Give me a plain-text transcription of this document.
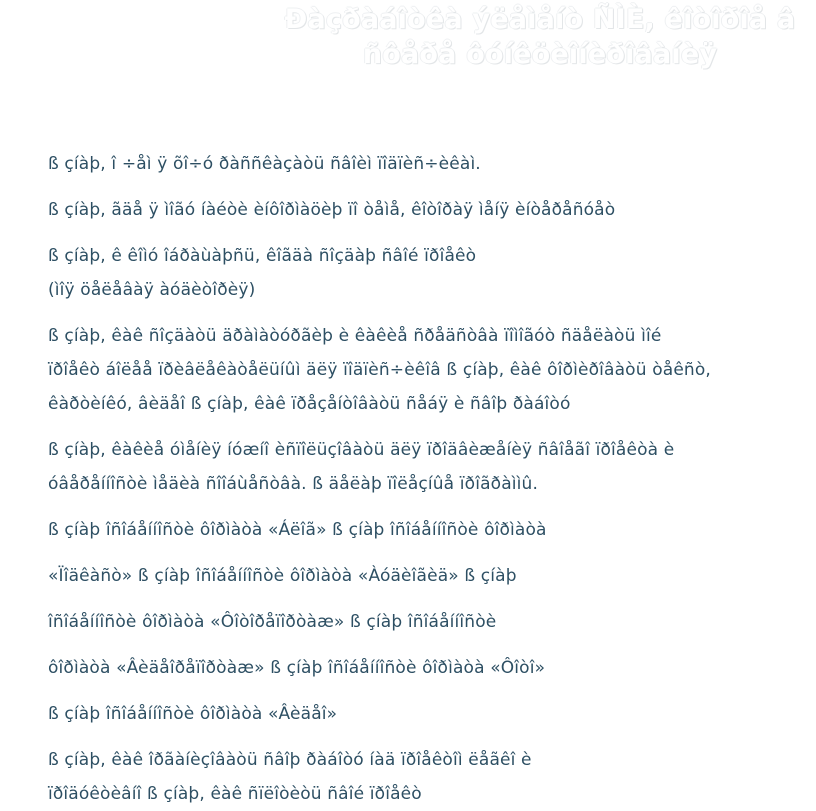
Ðàçðàáîòêà ýëåìåíò ÑÌÈ, êîòîðîå â
ñôåðå ôóíêöèîíèðîâàíèÿ

ß çíàþ, î ÷åì ÿ õî÷ó ðàññêàçàòü ñâîèì ïîäïèñ÷èêàì.

ß çíàþ, ãäå ÿ ìîãó íàéòè èíôîðìàöèþ ïî òåìå, êîòîðàÿ ìåíÿ èíòåðåñóåò

ß çíàþ, ê êîìó îáðàùàþñü, êîãäà ñîçäàþ ñâîé ïðîåêò
(ìîÿ öåëåâàÿ àóäèòîðèÿ)

ß çíàþ, êàê ñîçäàòü äðàìàòóðãèþ è êàêèå ñðåäñòâà ïîìîãóò ñäåëàòü ìîé
ïðîåêò áîëåå ïðèâëåêàòåëüíûì äëÿ ïîäïèñ÷èêîâ ß çíàþ, êàê ôîðìèðîâàòü òåêñò,
êàðòèíêó, âèäåî ß çíàþ, êàê ïðåçåíòîâàòü ñåáÿ è ñâîþ ðàáîòó

ß çíàþ, êàêèå óìåíèÿ íóæíî èñïîëüçîâàòü äëÿ ïðîäâèæåíèÿ ñâîåãî ïðîåêòà è
óâåðåííîñòè ìåäèà ñîîáùåñòâà. ß äåëàþ ïîëåçíûå ïðîãðàììû.

ß çíàþ îñîáåííîñòè ôîðìàòà «Áëîã» ß çíàþ îñîáåííîñòè ôîðìàòà

«Ïîäêàñò» ß çíàþ îñîáåííîñòè ôîðìàòà «Àóäèîãèä» ß çíàþ

îñîáåííîñòè ôîðìàòà «Ôîòîðåïîðòàæ» ß çíàþ îñîáåííîñòè

ôîðìàòà «Âèäåîðåïîðòàæ» ß çíàþ îñîáåííîñòè ôîðìàòà «Ôîòî»

ß çíàþ îñîáåííîñòè ôîðìàòà «Âèäåî»

ß çíàþ, êàê îðãàíèçîâàòü ñâîþ ðàáîòó íàä ïðîåêòîì ëåãêî è
ïðîäóêòèâíî ß çíàþ, êàê ñïëîòèòü ñâîé ïðîåêò
